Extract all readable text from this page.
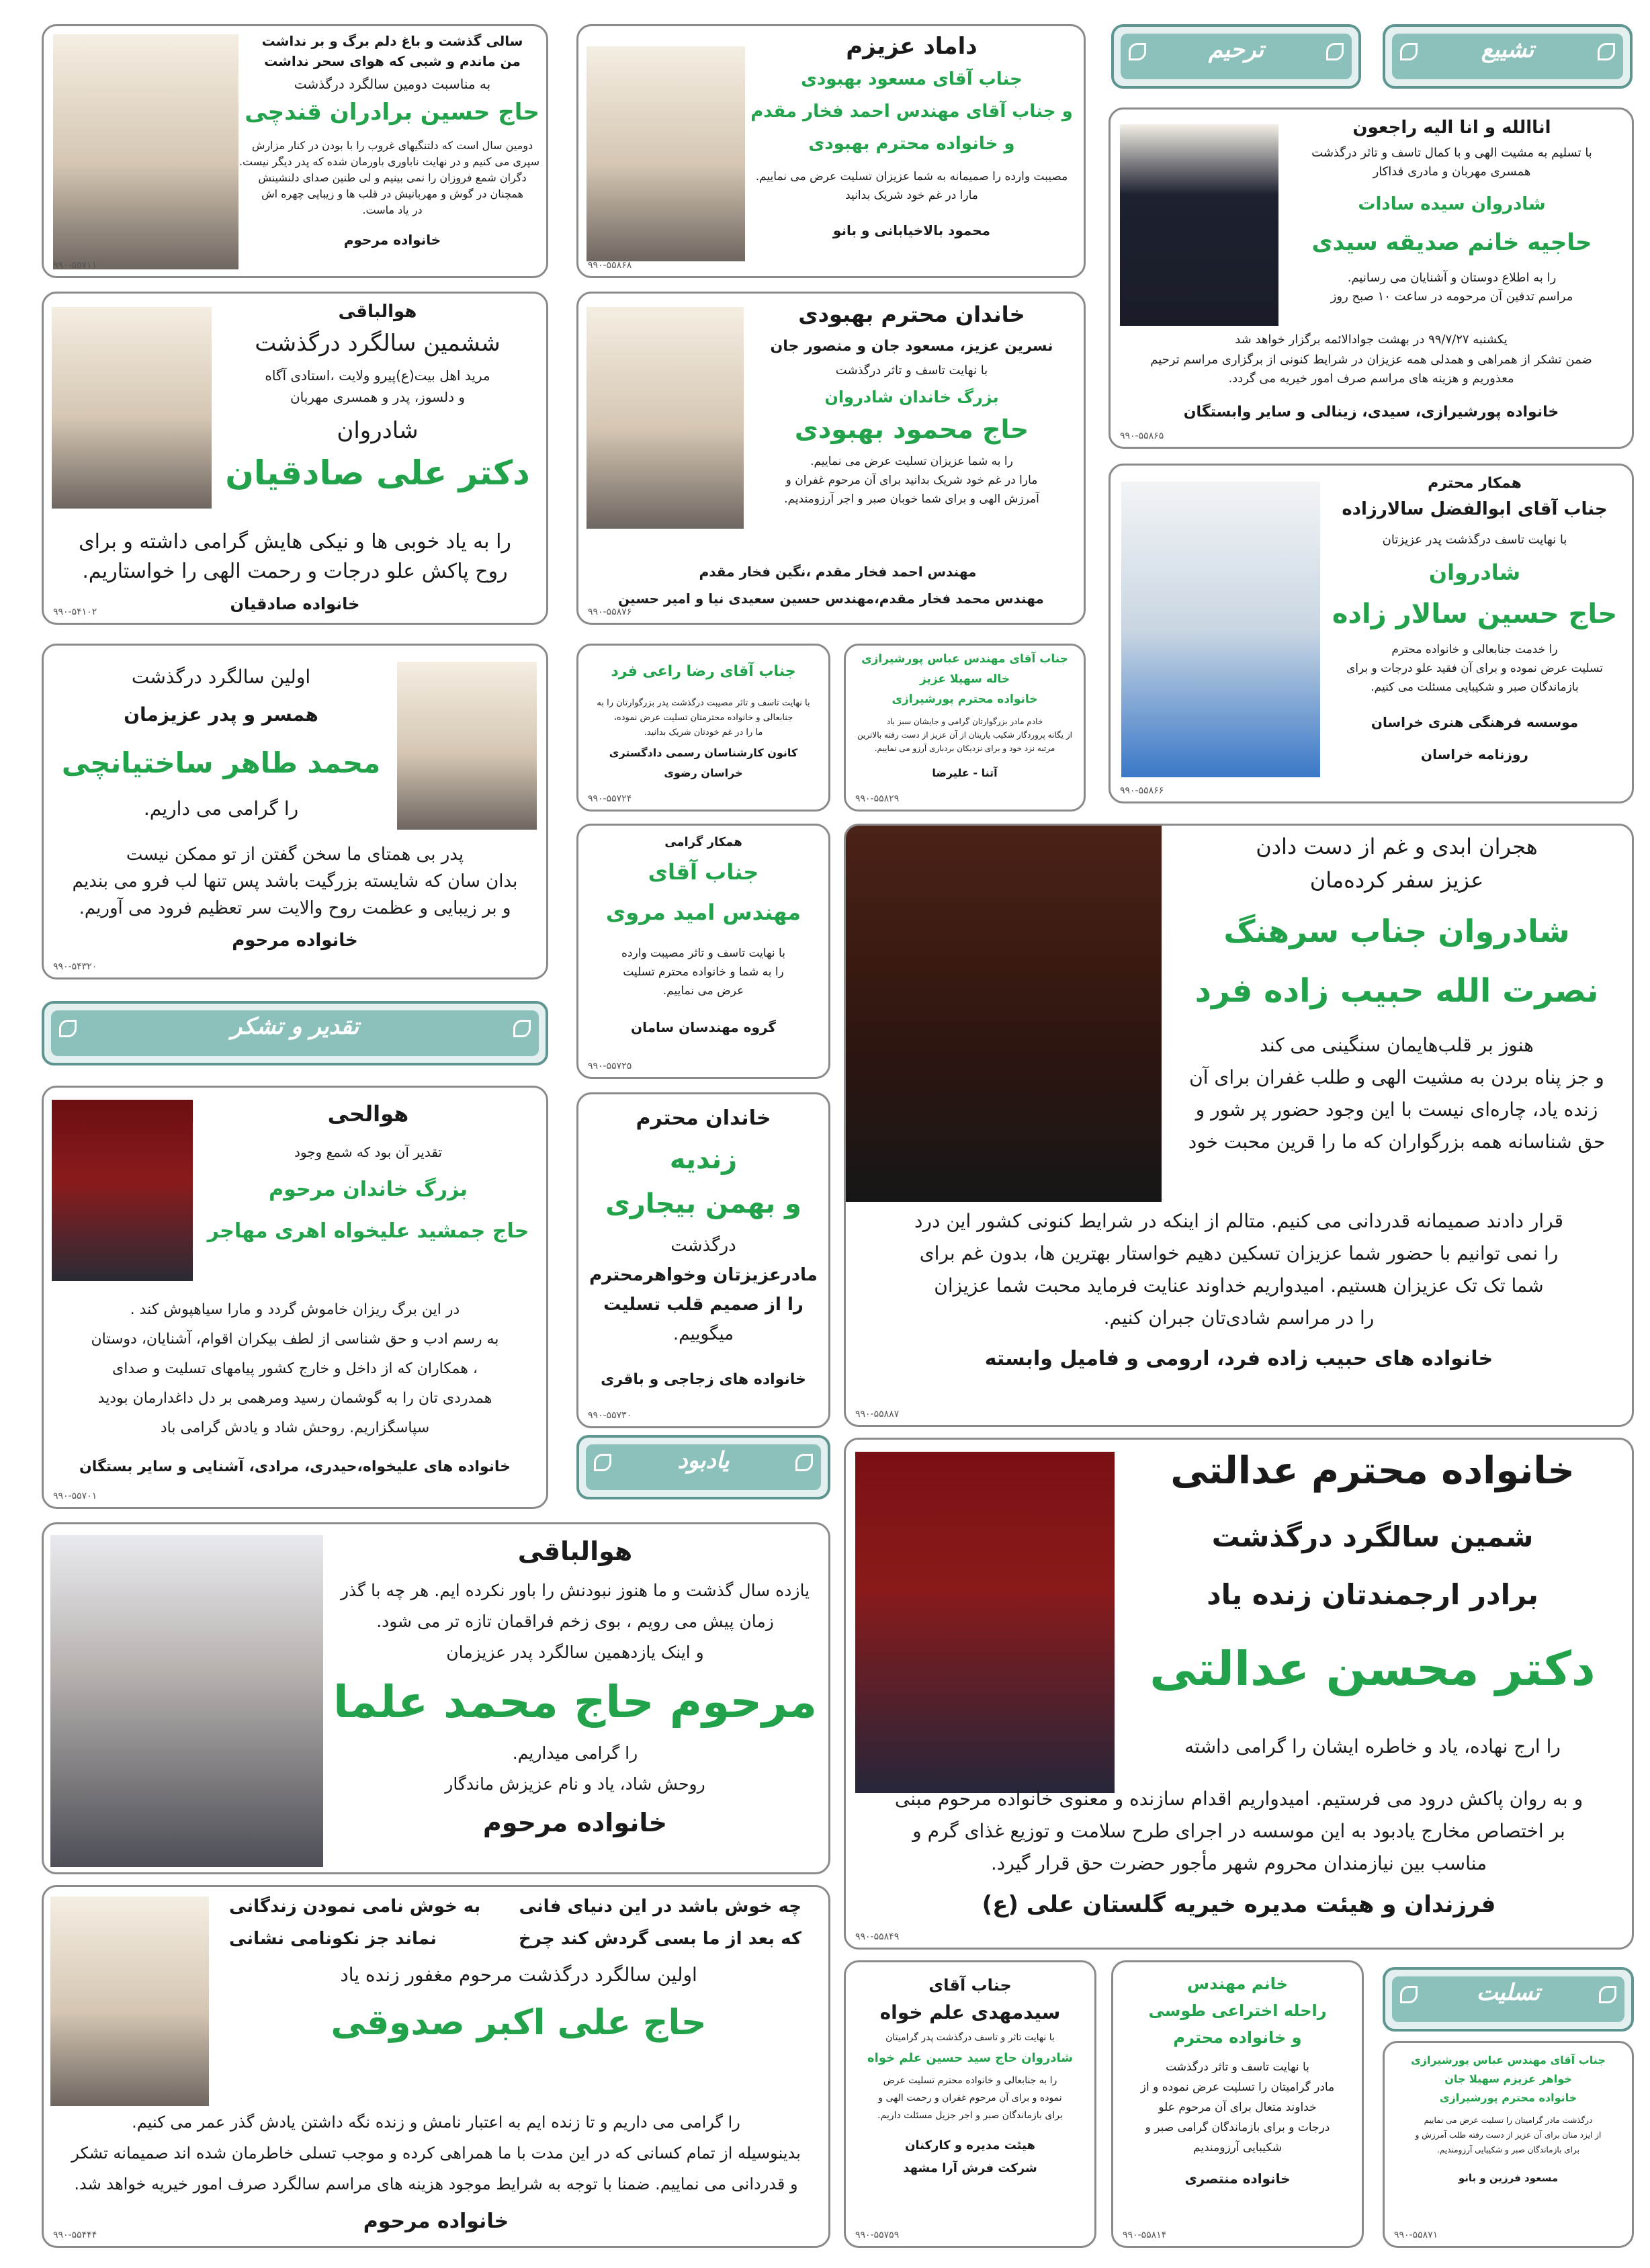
تشییع
ترحیم
سالی گذشت و باغ دلم برگ و بر نداشت
من ماندم و شبی که هوای سحر نداشت
به مناسبت دومین سالگرد درگذشت
حاج حسین برادران قندچی
دومین سال است که دلتنگیهای غروب را با بودن در کنار مزارش
سپری می کنیم و در نهایت ناباوری باورمان شده که پدر دیگر نیست.
دگران شمع فروزان را نمی بینیم و لی طنین صدای دلنشینش
همچنان در گوش و مهربانیش در قلب ها و زیبایی چهره اش
در یاد ماست.
خانواده مرحوم
۹۹۰-۵۵۷۱۱
داماد عزیزم
جناب آقای مسعود بهبودی
و جناب آقای مهندس احمد فخار مقدم
و خانواده محترم بهبودی
مصیبت وارده را صمیمانه به شما عزیزان تسلیت عرض می نماییم.
مارا در غم خود شریک بدانید
محمود بالاخیابانی و بانو
۹۹۰-۵۵۸۶۸
اناالله و انا الیه راجعون
با تسلیم به مشیت الهی و با کمال تاسف و تاثر درگذشت
همسری مهربان و مادری فداکار
شادروان سیده سادات
حاجیه خانم صدیقه سیدی
را به اطلاع دوستان و آشنایان می رسانیم.
مراسم تدفین آن مرحومه در ساعت ۱۰ صبح روز
یکشنبه ۹۹/۷/۲۷ در بهشت جوادالائمه برگزار خواهد شد
ضمن تشکر از همراهی و همدلی همه عزیزان در شرایط کنونی از برگزاری مراسم ترحیم
معذوریم و هزینه های مراسم صرف امور خیریه می گردد.
خانواده پورشیرازی، سیدی، زینالی و سایر وابستگان
۹۹۰-۵۵۸۶۵
هوالباقی
ششمین سالگرد درگذشت
مرید اهل بیت(ع)پیرو ولایت ،استادی آگاه
و دلسوز، پدر و همسری مهربان
شادروان
دکتر علی صادقیان
را به یاد خوبی ها و نیکی هایش گرامی داشته و برای
روح پاکش علو درجات و رحمت الهی را خواستاریم.
خانواده صادقیان
۹۹۰-۵۴۱۰۲
خاندان محترم بهبودی
نسرین عزیز، مسعود جان و منصور جان
با نهایت تاسف و تاثر درگذشت
بزرگ خاندان شادروان
حاج محمود بهبودی
را به شما عزیزان تسلیت عرض می نماییم.
مارا در غم خود شریک بدانید برای آن مرحوم غفران و
آمرزش الهی و برای شما خوبان صبر و اجر آرزومندیم.
مهندس احمد فخار مقدم ،نگین فخار مقدم
مهندس محمد فخار مقدم،مهندس حسین سعیدی نیا و امیر حسین
۹۹۰-۵۵۸۷۶
همکار محترم
جناب آقای ابوالفضل سالارزاده
با نهایت تاسف درگذشت پدر عزیزتان
شادروان
حاج حسین سالار زاده
را خدمت جنابعالی و خانواده محترم
تسلیت عرض نموده و برای آن فقید علو درجات و برای
بازماندگان صبر و شکیبایی مسئلت می کنیم.
موسسه فرهنگی هنری خراسان
روزنامه خراسان
۹۹۰-۵۵۸۶۶
اولین سالگرد درگذشت
همسر و پدر عزیزمان
محمد طاهر ساختیانچی
را گرامی می داریم.
پدر بی همتای ما سخن گفتن از تو ممکن نیست
بدان سان که شایسته بزرگیت باشد پس تنها لب فرو می بندیم
و بر زیبایی و عظمت روح والایت سر تعظیم فرود می آوریم.
خانواده مرحوم
۹۹۰-۵۴۳۲۰
جناب آقای رضا راعی فرد
با نهایت تاسف و تاثر مصیبت درگذشت پدر بزرگوارتان را به
جنابعالی و خانواده محترمتان تسلیت عرض نموده،
ما را در غم خودتان شریک بدانید.
کانون کارشناسان رسمی دادگستری
خراسان رضوی
۹۹۰-۵۵۷۲۴
جناب آقای مهندس عباس پورشیرازی
خاله سهیلا عزیز
خانواده محترم پورشیرازی
خادم مادر بزرگوارتان گرامی و جایشان سبز باد
از یگانه پروردگار شکیب یاریتان از آن عزیز از دست رفته بالاترین
مرتبه نزد خود و برای نزدیکان بردباری آرزو می نماییم.
آتنا - علیرضا
۹۹۰-۵۵۸۲۹
همکار گرامی
جناب آقای
مهندس امید مروی
با نهایت تاسف و تاثر مصیبت وارده
را به شما و خانواده محترم تسلیت
عرض می نماییم.
گروه مهندسان سامان
۹۹۰-۵۵۷۲۵
هجران ابدی و غم از دست دادن
عزیز سفر کرده‌مان
شادروان جناب سرهنگ
نصرت الله حبیب زاده فرد
هنوز بر قلب‌هایمان سنگینی می کند
و جز پناه بردن به مشیت الهی و طلب غفران برای آن
زنده یاد، چاره‌ای نیست با این وجود حضور پر شور و
حق شناسانه همه بزرگواران که ما را قرین محبت خود
قرار دادند صمیمانه قدردانی می کنیم. متالم از اینکه در شرایط کنونی کشور این درد
را نمی توانیم با حضور شما عزیزان تسکین دهیم خواستار بهترین ها، بدون غم برای
شما تک تک عزیزان هستیم. امیدواریم خداوند عنایت فرماید محبت شما عزیزان
را در مراسم شادی‌تان جبران کنیم.
خانواده های حبیب زاده فرد، ارومی و فامیل وابسته
۹۹۰-۵۵۸۸۷
تقدیر و تشکر
هوالحی
تقدیر آن بود که شمع وجود
بزرگ خاندان مرحوم
حاج جمشید علیخواه اهری مهاجر
در این برگ ریزان خاموش گردد و مارا سیاهپوش کند .
به رسم ادب و حق شناسی از لطف بیکران اقوام، آشنایان، دوستان
، همکاران که از داخل و خارج کشور پیامهای تسلیت و صدای
همدردی تان را به گوشمان رسید ومرهمی بر دل داغدارمان بودید
سپاسگزاریم. روحش شاد و یادش گرامی باد
خانواده های علیخواه،حیدری، مرادی، آشنایی و سایر بستگان
۹۹۰-۵۵۷۰۱
خاندان محترم
زندیه
و بهمن بیجاری
درگذشت
مادرعزیزتان وخواهرمحترم
را از صمیم قلب تسلیت
میگوییم.
خانواده های زجاجی و باقری
۹۹۰-۵۵۷۳۰
یادبود	خانواده محترم عدالتی
شمین سالگرد درگذشت
برادر ارجمندتان زنده یاد
دکتر محسن عدالتی
را ارج نهاده، یاد و خاطره ایشان را گرامی داشته
و به روان پاکش درود می فرستیم. امیدواریم اقدام سازنده و معنوی خانواده مرحوم مبنی
بر اختصاص مخارج یادبود به این موسسه در اجرای طرح سلامت و توزیع غذای گرم و
مناسب بین نیازمندان محروم شهر مأجور حضرت حق قرار گیرد.
فرزندان و هیئت مدیره خیریه گلستان علی (ع)
۹۹۰-۵۵۸۴۹
هوالباقی
یازده سال گذشت و ما هنوز نبودنش را باور نکرده ایم. هر چه با گذر
زمان پیش می رویم ، بوی زخم فراقمان تازه تر می شود.
و اینک یازدهمین سالگرد پدر عزیزمان
مرحوم حاج محمد علما
را گرامی میداریم.
روحش شاد، یاد و نام عزیزش ماندگار
خانواده مرحوم
۹۹۰-۵۵۴۳۷
چه خوش باشد در این دنیای فانی
به خوش نامی نمودن زندگانی
که بعد از ما بسی گردش کند چرخ
نماند جز نکونامی نشانی
اولین سالگرد درگذشت مرحوم مغفور زنده یاد
حاج علی اکبر صدوقی
را گرامی می داریم و تا زنده ایم به اعتبار نامش و زنده نگه داشتن یادش گذر عمر می کنیم.
بدینوسیله از تمام کسانی که در این مدت با ما همراهی کرده و موجب تسلی خاطرمان شده اند صمیمانه تشکر
و قدردانی می نماییم. ضمنا با توجه به شرایط موجود هزینه های مراسم سالگرد صرف امور خیریه خواهد شد.
خانواده مرحوم
۹۹۰-۵۵۴۴۴
جناب آقای
سیدمهدی علم خواه
با نهایت تاثر و تاسف درگذشت پدر گرامیتان
شادروان حاج سید حسین علم خواه
را به جنابعالی و خانواده محترم تسلیت عرض
نموده و برای آن مرحوم غفران و رحمت الهی و
برای بازماندگان صبر و اجر جزیل مسئلت داریم.
هیئت مدیره و کارکنان
شرکت فرش آرا مشهد
۹۹۰-۵۵۷۵۹
خانم مهندس
راحله اختراعی طوسی
و خانواده محترم
با نهایت تاسف و تاثر درگذشت
مادر گرامیتان را تسلیت عرض نموده و از
خداوند متعال برای آن مرحوم علو
درجات و برای بازماندگان گرامی صبر و
شکیبایی آرزومندیم
خانواده منتصری
۹۹۰-۵۵۸۱۴
تسلیت
جناب آقای مهندس عباس پورشیرازی
خواهر عزیزم سهیلا جان
خانواده محترم پورشیرازی
درگذشت مادر گرامیتان را تسلیت عرض می نماییم
از ایزد منان برای آن عزیز از دست رفته طلب آمرزش و
برای بازماندگان صبر و شکیبایی آرزومندیم.
مسعود فرزین و بانو
۹۹۰-۵۵۸۷۱
